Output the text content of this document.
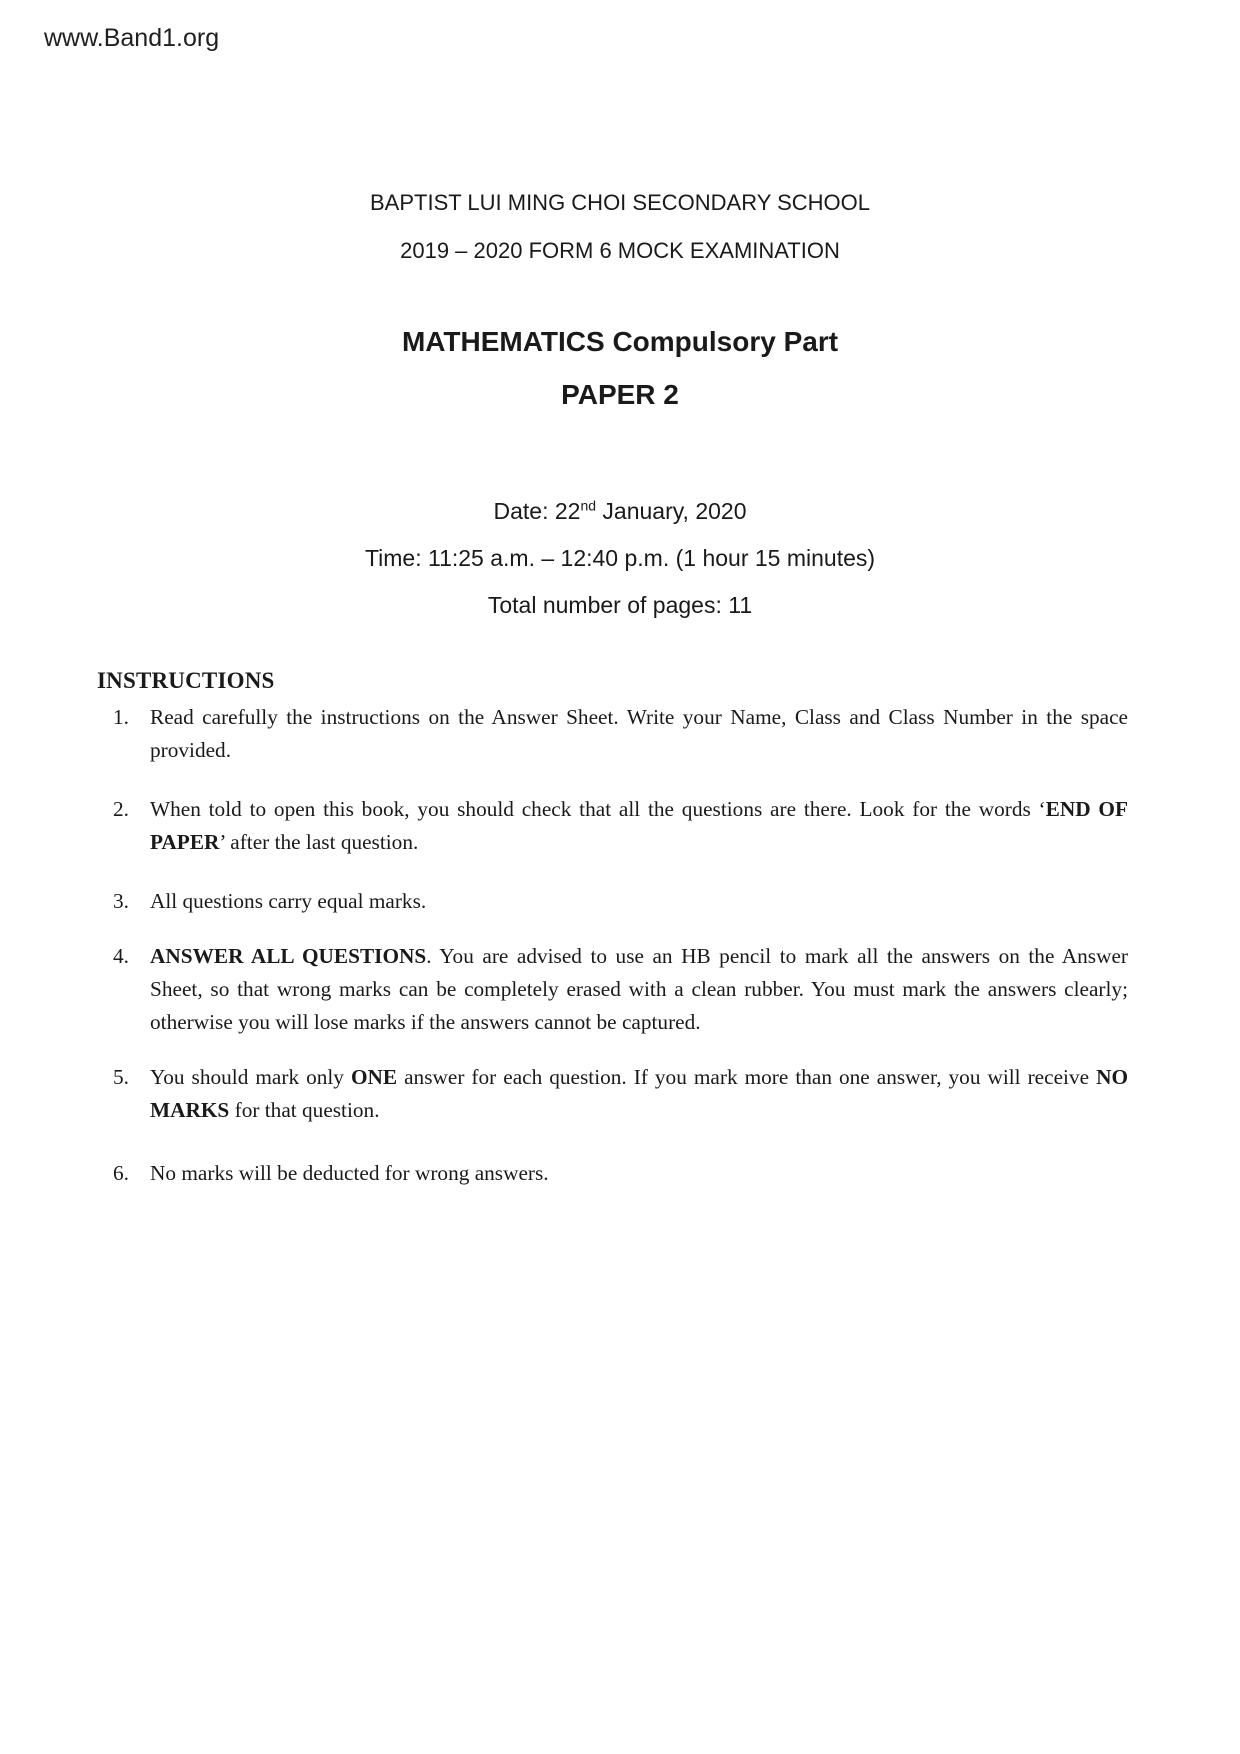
www.Band1.org
BAPTIST LUI MING CHOI SECONDARY SCHOOL
2019 – 2020 FORM 6 MOCK EXAMINATION
MATHEMATICS Compulsory Part
PAPER 2
Date: 22nd January, 2020
Time: 11:25 a.m. – 12:40 p.m. (1 hour 15 minutes)
Total number of pages: 11
INSTRUCTIONS
1. Read carefully the instructions on the Answer Sheet. Write your Name, Class and Class Number in the space provided.
2. When told to open this book, you should check that all the questions are there. Look for the words ‘END OF PAPER’ after the last question.
3. All questions carry equal marks.
4. ANSWER ALL QUESTIONS. You are advised to use an HB pencil to mark all the answers on the Answer Sheet, so that wrong marks can be completely erased with a clean rubber. You must mark the answers clearly; otherwise you will lose marks if the answers cannot be captured.
5. You should mark only ONE answer for each question. If you mark more than one answer, you will receive NO MARKS for that question.
6. No marks will be deducted for wrong answers.
